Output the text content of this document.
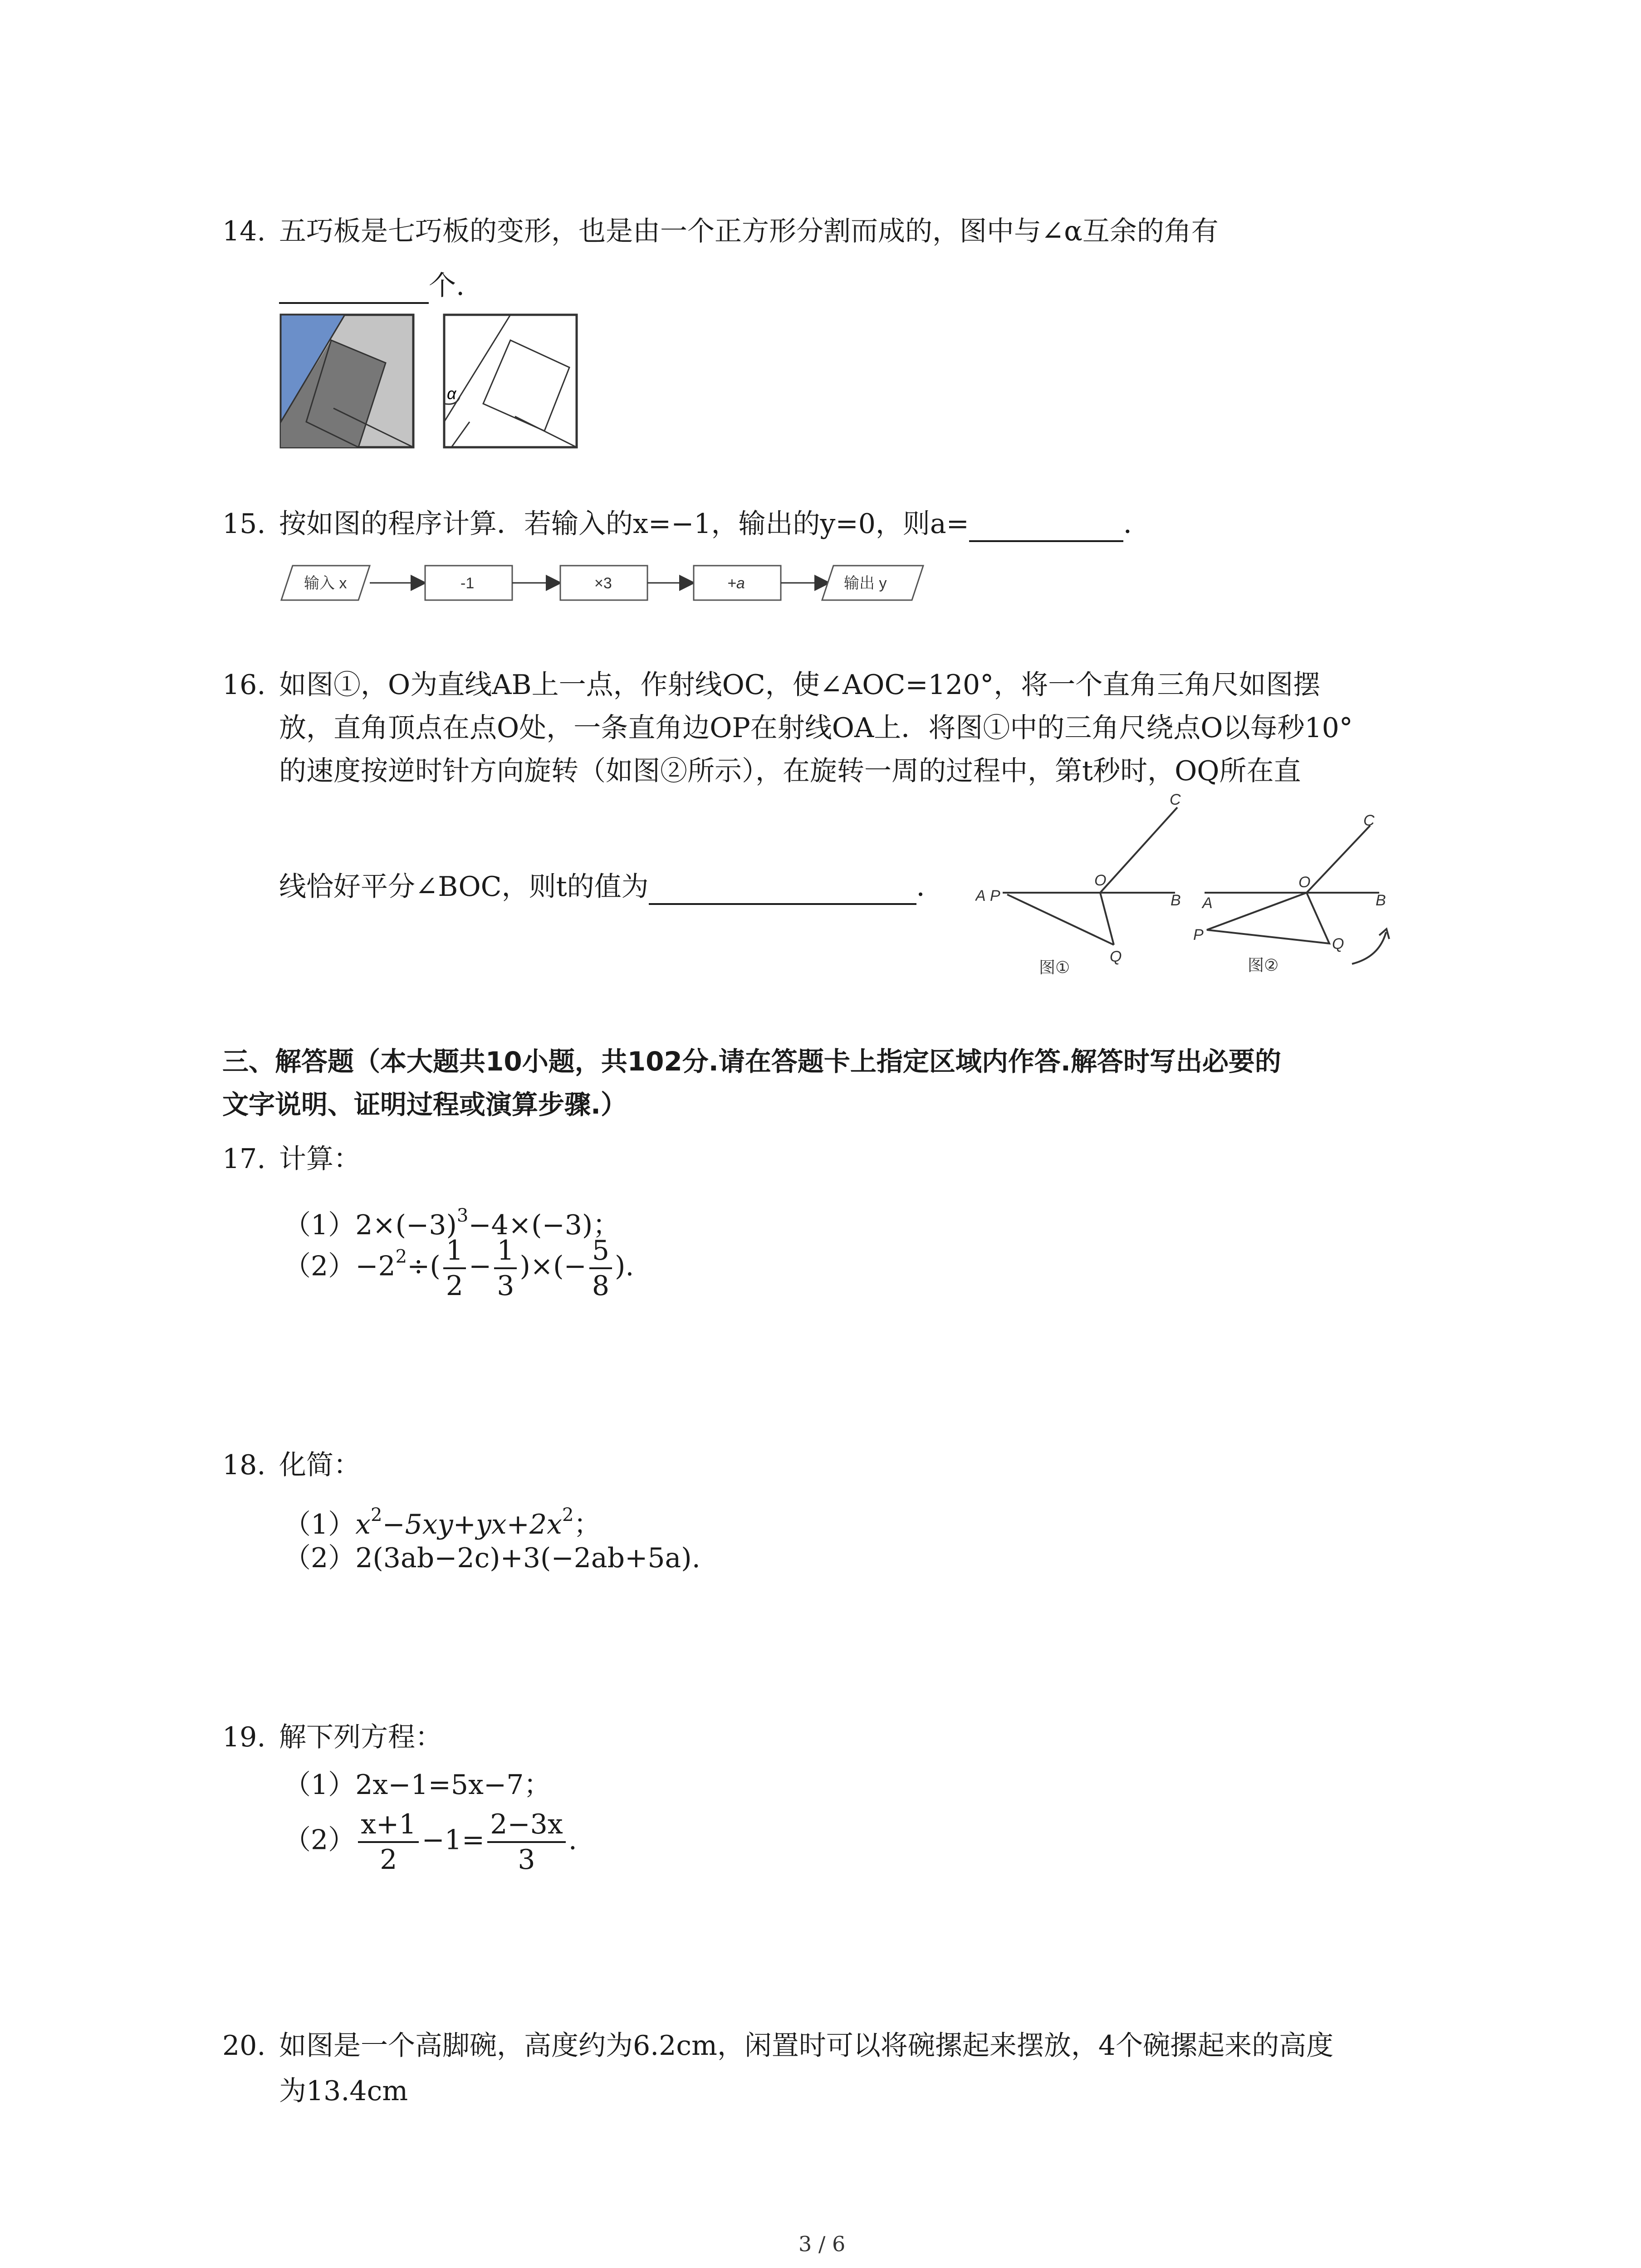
14. 五巧板是七巧板的变形，也是由一个正方形分割而成的，图中与∠α互余的角有
个.
α
15. 按如图的程序计算．若输入的x=−1，输出的y=0，则a=	．
输入 x	-1	×3	+a	输出 y
16. 如图①，O为直线AB上一点，作射线OC，使∠AOC=120°，将一个直角三角尺如图摆
放，直角顶点在点O处，一条直角边OP在射线OA上．将图①中的三角尺绕点O以每秒10°
的速度按逆时针方向旋转（如图②所示），在旋转一周的过程中，第t秒时，OQ所在直
线恰好平分∠BOC，则t的值为	． A P
O
B
C
Q
图①
A
P
O
B
C
Q
图②
三、解答题（本大题共10小题，共102分.请在答题卡上指定区域内作答.解答时写出必要的
文字说明、证明过程或演算步骤.）
17. 计算：
$(1)2\times(-3)^3-4\times(-3)$；
$(2)-2^2\div( \frac{1}{2} - \frac{1}{3}$ )×(− $\frac{5}{8}$ ).
18. 化简：
$(1)x^2-5xy+yx+2x^2$；
（2）2(3ab−2c)+3(−2ab+5a).
19. 解下列方程：
（1）2x−1=5x−7；
$(2) \frac{x+1}{2} -1= \frac{2-3x}{3}$ .
20. 如图是一个高脚碗，高度约为6.2cm，闲置时可以将碗摞起来摆放，4个碗摞起来的高度
为13.4cm
3 / 6
